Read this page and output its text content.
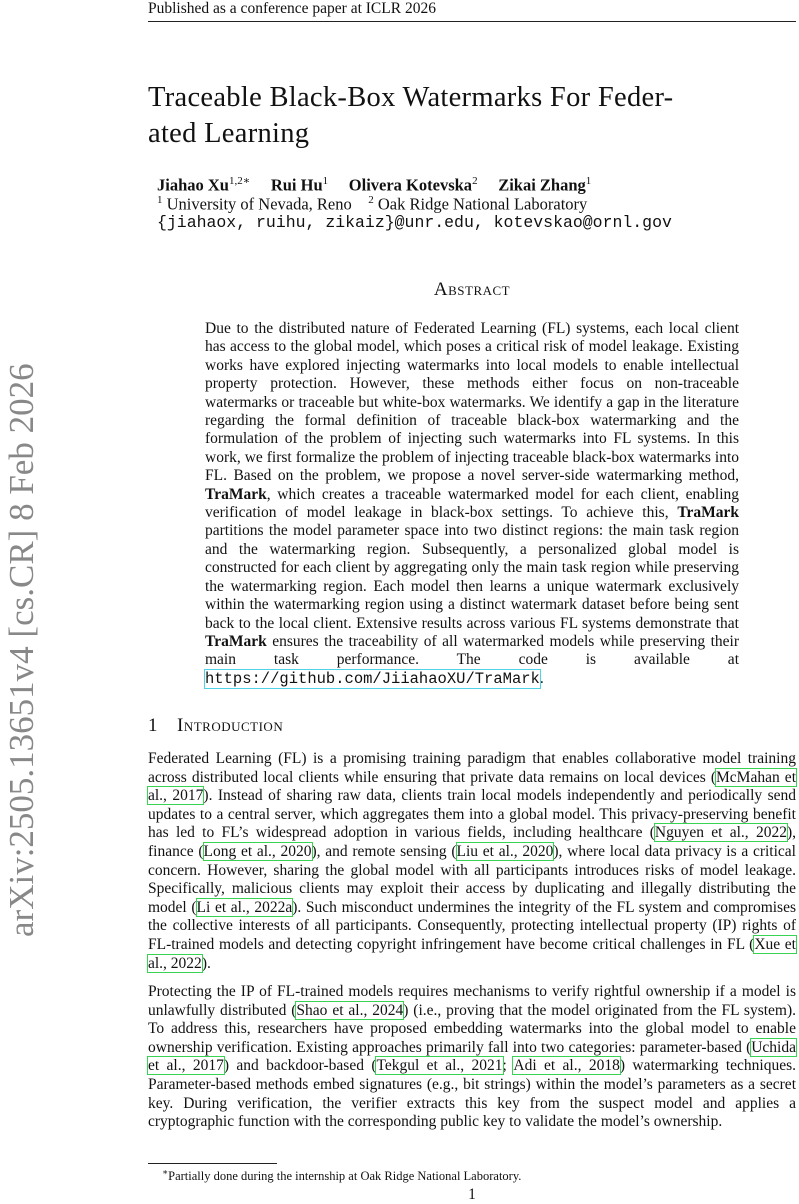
Published as a conference paper at ICLR 2026
Traceable Black-Box Watermarks For Feder-
ated Learning
Jiahao $Xu^{1,2∗}$ Rui Hu$^1$ Olivera Kotevska$^2$ Zikai Zhang$^1$
$^1$ University of Nevada, Reno $^2$ Oak Ridge National Laboratory
{jiahaox, ruihu, zikaiz}@unr.edu, kotevskao@ornl.gov
Abstract
Due to the distributed nature of Federated Learning (FL) systems, each local client has access to the global model, which poses a critical risk of model leakage. Existing works have explored injecting watermarks into local models to enable intellectual property protection. However, these methods either focus on non-traceable watermarks or traceable but white-box watermarks. We identify a gap in the literature regarding the formal definition of traceable black-box watermarking and the formulation of the problem of injecting such watermarks into FL systems. In this work, we first formalize the problem of injecting traceable black-box watermarks into FL. Based on the problem, we propose a novel server-side watermarking method, TraMark, which creates a traceable watermarked model for each client, enabling verification of model leakage in black-box settings. To achieve this, TraMark partitions the model parameter space into two distinct regions: the main task region and the watermarking region. Subsequently, a personalized global model is constructed for each client by aggregating only the main task region while preserving the watermarking region. Each model then learns a unique watermark exclusively within the watermarking region using a distinct watermark dataset before being sent back to the local client. Extensive results across various FL systems demonstrate that TraMark ensures the traceability of all watermarked models while preserving their main task performance. The code is available at https://github.com/JiiahaoXU/TraMark.
1 Introduction
Federated Learning (FL) is a promising training paradigm that enables collaborative model training across distributed local clients while ensuring that private data remains on local devices (McMahan et al., 2017). Instead of sharing raw data, clients train local models independently and periodically send updates to a central server, which aggregates them into a global model. This privacy-preserving benefit has led to FL’s widespread adoption in various fields, including healthcare (Nguyen et al., 2022), finance (Long et al., 2020), and remote sensing (Liu et al., 2020), where local data privacy is a critical concern. However, sharing the global model with all participants introduces risks of model leakage. Specifically, malicious clients may exploit their access by duplicating and illegally distributing the model (Li et al., 2022a). Such misconduct undermines the integrity of the FL system and compromises the collective interests of all participants. Consequently, protecting intellectual property (IP) rights of FL-trained models and detecting copyright infringement have become critical challenges in FL (Xue et al., 2022).
Protecting the IP of FL-trained models requires mechanisms to verify rightful ownership if a model is unlawfully distributed (Shao et al., 2024) (i.e., proving that the model originated from the FL system). To address this, researchers have proposed embedding watermarks into the global model to enable ownership verification. Existing approaches primarily fall into two categories: parameter-based (Uchida et al., 2017) and backdoor-based (Tekgul et al., 2021; Adi et al., 2018) watermarking techniques. Parameter-based methods embed signatures (e.g., bit strings) within the model’s parameters as a secret key. During verification, the verifier extracts this key from the suspect model and applies a cryptographic function with the corresponding public key to validate the model’s ownership.
∗Partially done during the internship at Oak Ridge National Laboratory.
1
arXiv:2505.13651v4 [cs.CR] 8 Feb 2026
